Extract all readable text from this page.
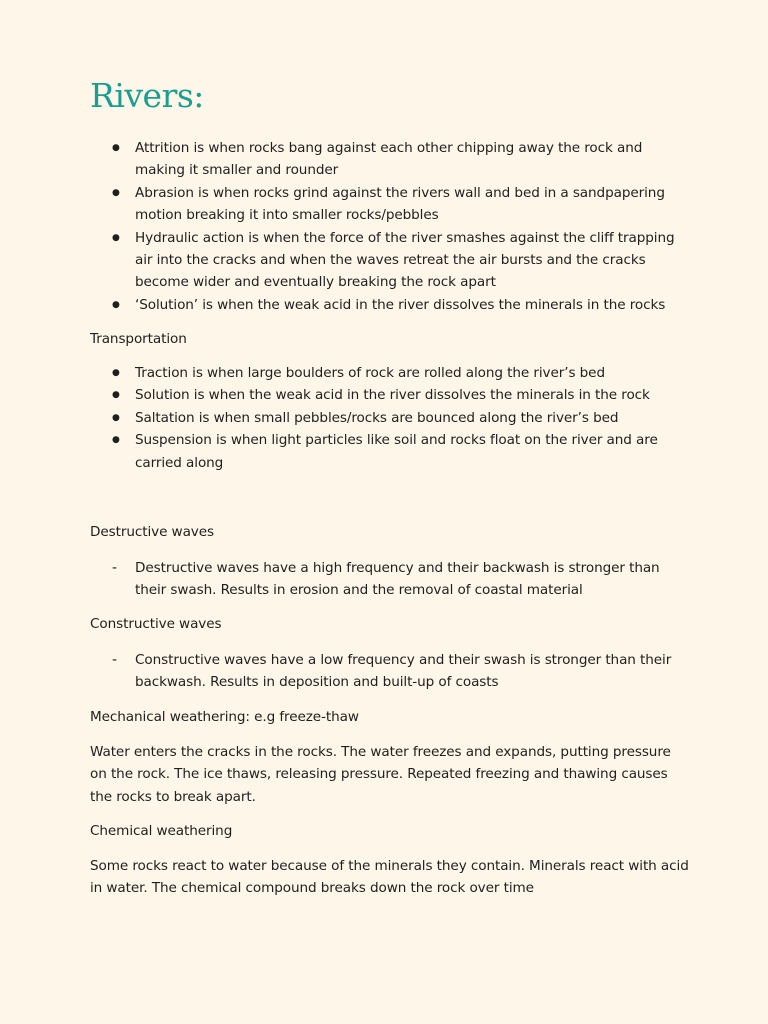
Rivers:
●
Attrition is when rocks bang against each other chipping away the rock and making it smaller and rounder
●
Abrasion is when rocks grind against the rivers wall and bed in a sandpapering motion breaking it into smaller rocks/pebbles
●
Hydraulic action is when the force of the river smashes against the cliff trapping air into the cracks and when the waves retreat the air bursts and the cracks become wider and eventually breaking the rock apart
●
‘Solution’ is when the weak acid in the river dissolves the minerals in the rocks

Transportation

●
Traction is when large boulders of rock are rolled along the river’s bed
●
Solution is when the weak acid in the river dissolves the minerals in the rock
●
Saltation is when small pebbles/rocks are bounced along the river’s bed
●
Suspension is when light particles like soil and rocks float on the river and are carried along

Destructive waves

-
Destructive waves have a high frequency and their backwash is stronger than their swash. Results in erosion and the removal of coastal material

Constructive waves

-
Constructive waves have a low frequency and their swash is stronger than their backwash. Results in deposition and built-up of coasts

Mechanical weathering: e.g freeze-thaw

Water enters the cracks in the rocks. The water freezes and expands, putting pressure on the rock. The ice thaws, releasing pressure. Repeated freezing and thawing causes the rocks to break apart.

Chemical weathering

Some rocks react to water because of the minerals they contain. Minerals react with acid in water. The chemical compound breaks down the rock over time
